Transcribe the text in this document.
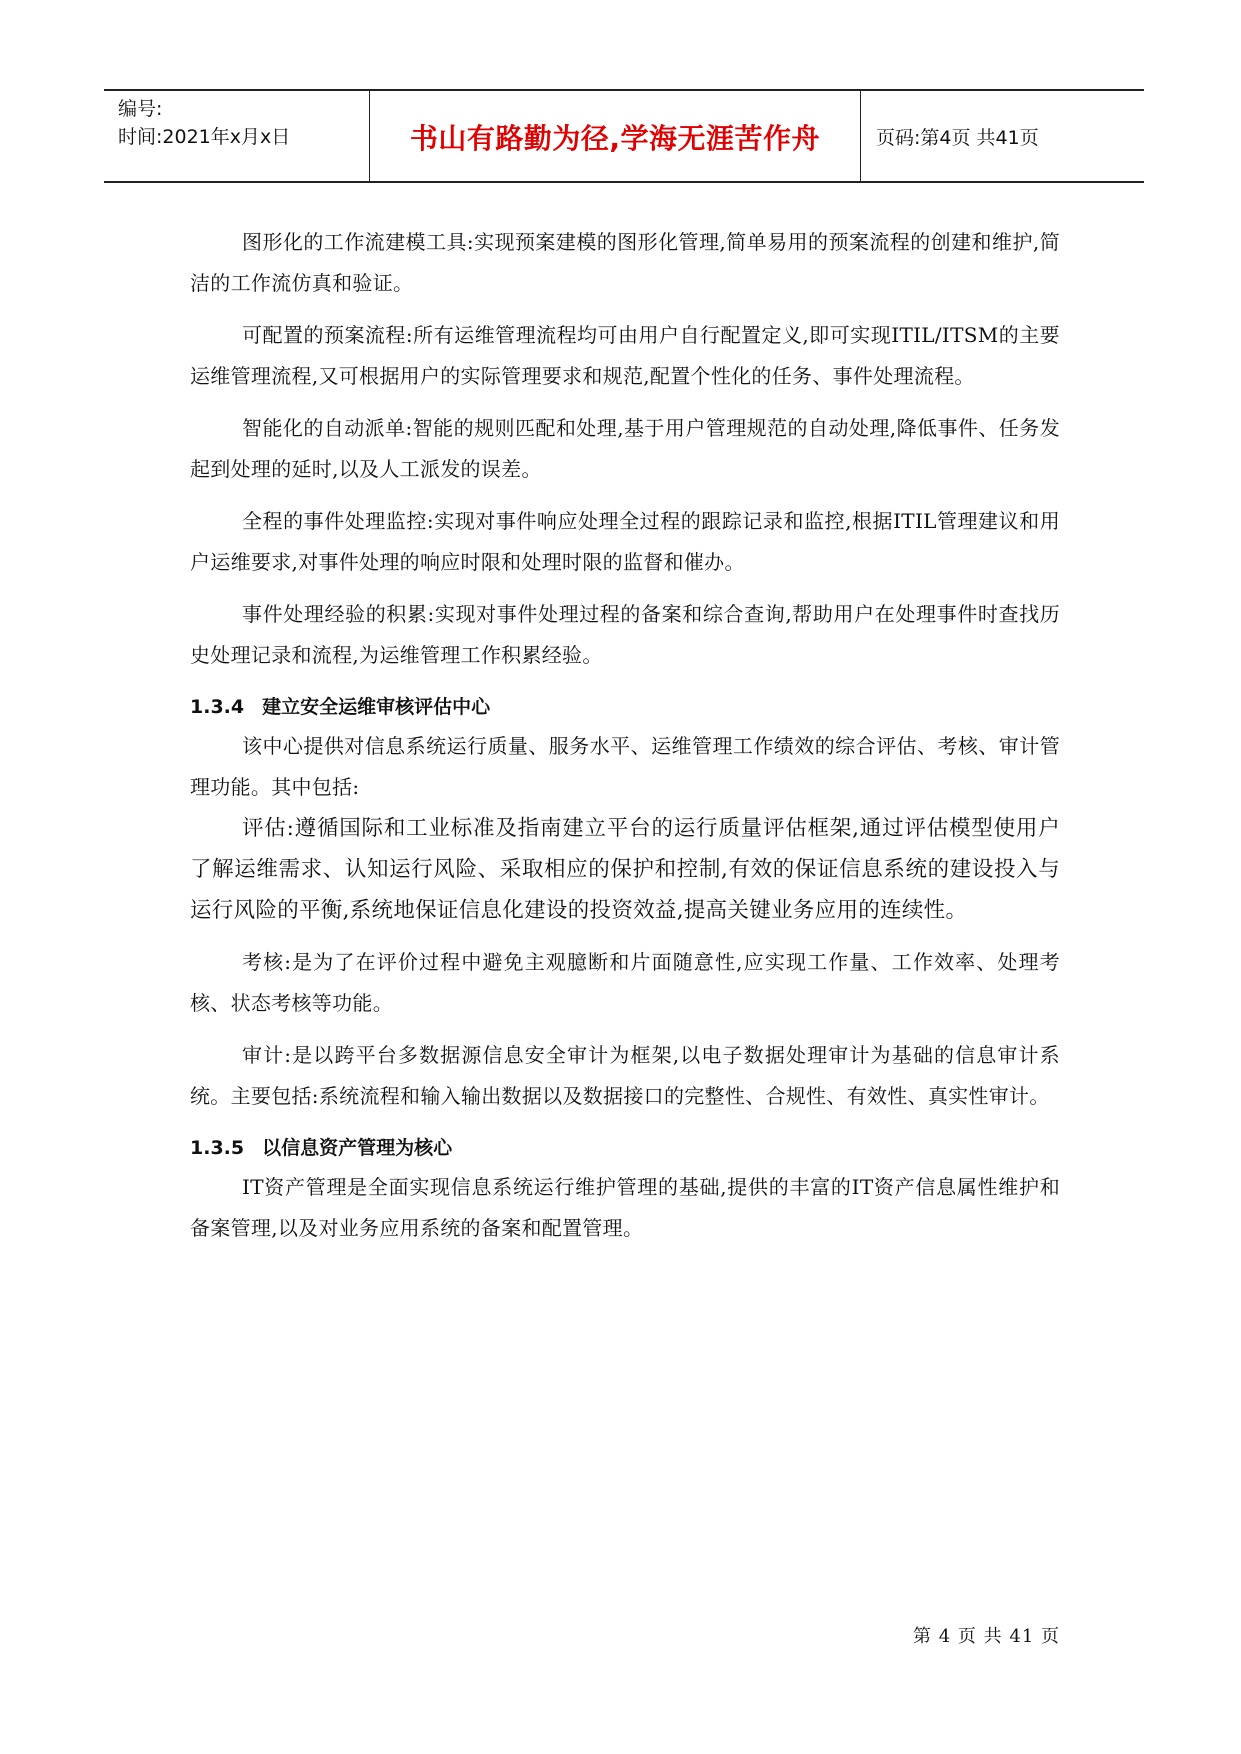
编号:
时间:2021年x月x日	书山有路勤为径,学海无涯苦作舟	页码:第4页 共41页

图形化的工作流建模工具:实现预案建模的图形化管理,简单易用的预案流程的创建和维护,简洁的工作流仿真和验证。

可配置的预案流程:所有运维管理流程均可由用户自行配置定义,即可实现ITIL/ITSM的主要运维管理流程,又可根据用户的实际管理要求和规范,配置个性化的任务、事件处理流程。

智能化的自动派单:智能的规则匹配和处理,基于用户管理规范的自动处理,降低事件、任务发起到处理的延时,以及人工派发的误差。

全程的事件处理监控:实现对事件响应处理全过程的跟踪记录和监控,根据ITIL管理建议和用户运维要求,对事件处理的响应时限和处理时限的监督和催办。

事件处理经验的积累:实现对事件处理过程的备案和综合查询,帮助用户在处理事件时查找历史处理记录和流程,为运维管理工作积累经验。

1.3.4 建立安全运维审核评估中心

该中心提供对信息系统运行质量、服务水平、运维管理工作绩效的综合评估、考核、审计管理功能。其中包括:

评估:遵循国际和工业标准及指南建立平台的运行质量评估框架,通过评估模型使用户了解运维需求、认知运行风险、采取相应的保护和控制,有效的保证信息系统的建设投入与运行风险的平衡,系统地保证信息化建设的投资效益,提高关键业务应用的连续性。

考核:是为了在评价过程中避免主观臆断和片面随意性,应实现工作量、工作效率、处理考核、状态考核等功能。

审计:是以跨平台多数据源信息安全审计为框架,以电子数据处理审计为基础的信息审计系统。主要包括:系统流程和输入输出数据以及数据接口的完整性、合规性、有效性、真实性审计。

1.3.5 以信息资产管理为核心

IT资产管理是全面实现信息系统运行维护管理的基础,提供的丰富的IT资产信息属性维护和备案管理,以及对业务应用系统的备案和配置管理。

第 4 页 共 41 页
